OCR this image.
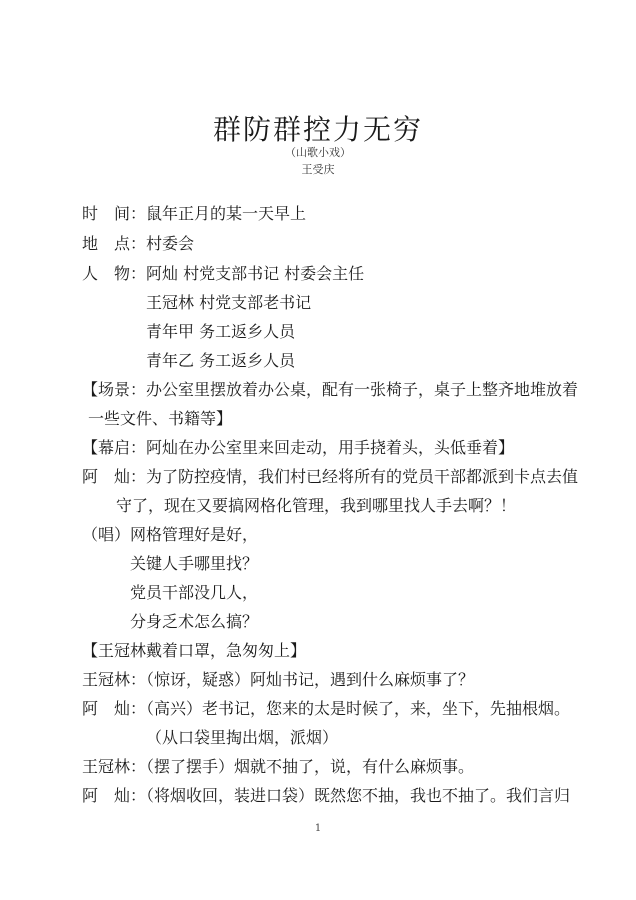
群防群控力无穷
（山歌小戏）
王受庆
时　间：鼠年正月的某一天早上
地　点：村委会
人　物：阿灿 村党支部书记 村委会主任
王冠林 村党支部老书记
青年甲 务工返乡人员
青年乙 务工返乡人员
【场景：办公室里摆放着办公桌，配有一张椅子，桌子上整齐地堆放着
一些文件、书籍等】
【幕启：阿灿在办公室里来回走动，用手挠着头，头低垂着】
阿　灿：为了防控疫情，我们村已经将所有的党员干部都派到卡点去值
守了，现在又要搞网格化管理，我到哪里找人手去啊？！
（唱）网格管理好是好，
关键人手哪里找？
党员干部没几人，
分身乏术怎么搞？
【王冠林戴着口罩，急匆匆上】
王冠林：（惊讶，疑惑）阿灿书记，遇到什么麻烦事了？
阿　灿：（高兴）老书记，您来的太是时候了，来，坐下，先抽根烟。
（从口袋里掏出烟，派烟）
王冠林：（摆了摆手）烟就不抽了，说，有什么麻烦事。
阿　灿：（将烟收回，装进口袋）既然您不抽，我也不抽了。我们言归
1
